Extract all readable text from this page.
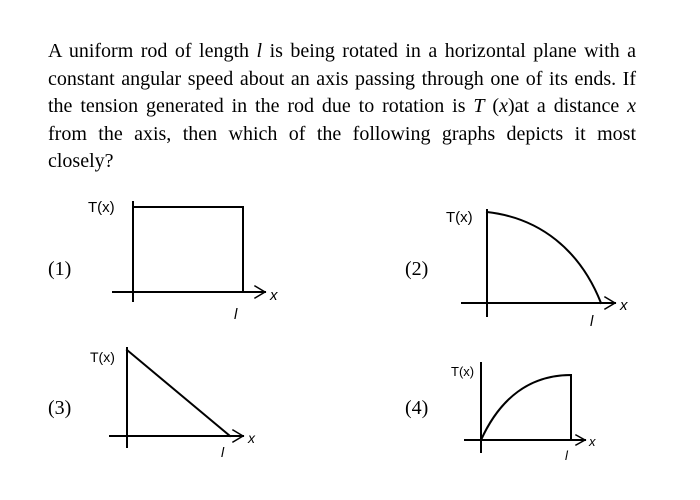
A uniform rod of length l is being rotated in a horizontal plane with a constant angular speed about an axis passing through one of its ends. If the tension generated in the rod due to rotation is T (x)at a distance x from the axis, then which of the following graphs depicts it most closely?
(1)	(2)
(3)	(4)
T(x)
x
l
T(x)
x
l
T(x)
x
l
T(x)
x
l
